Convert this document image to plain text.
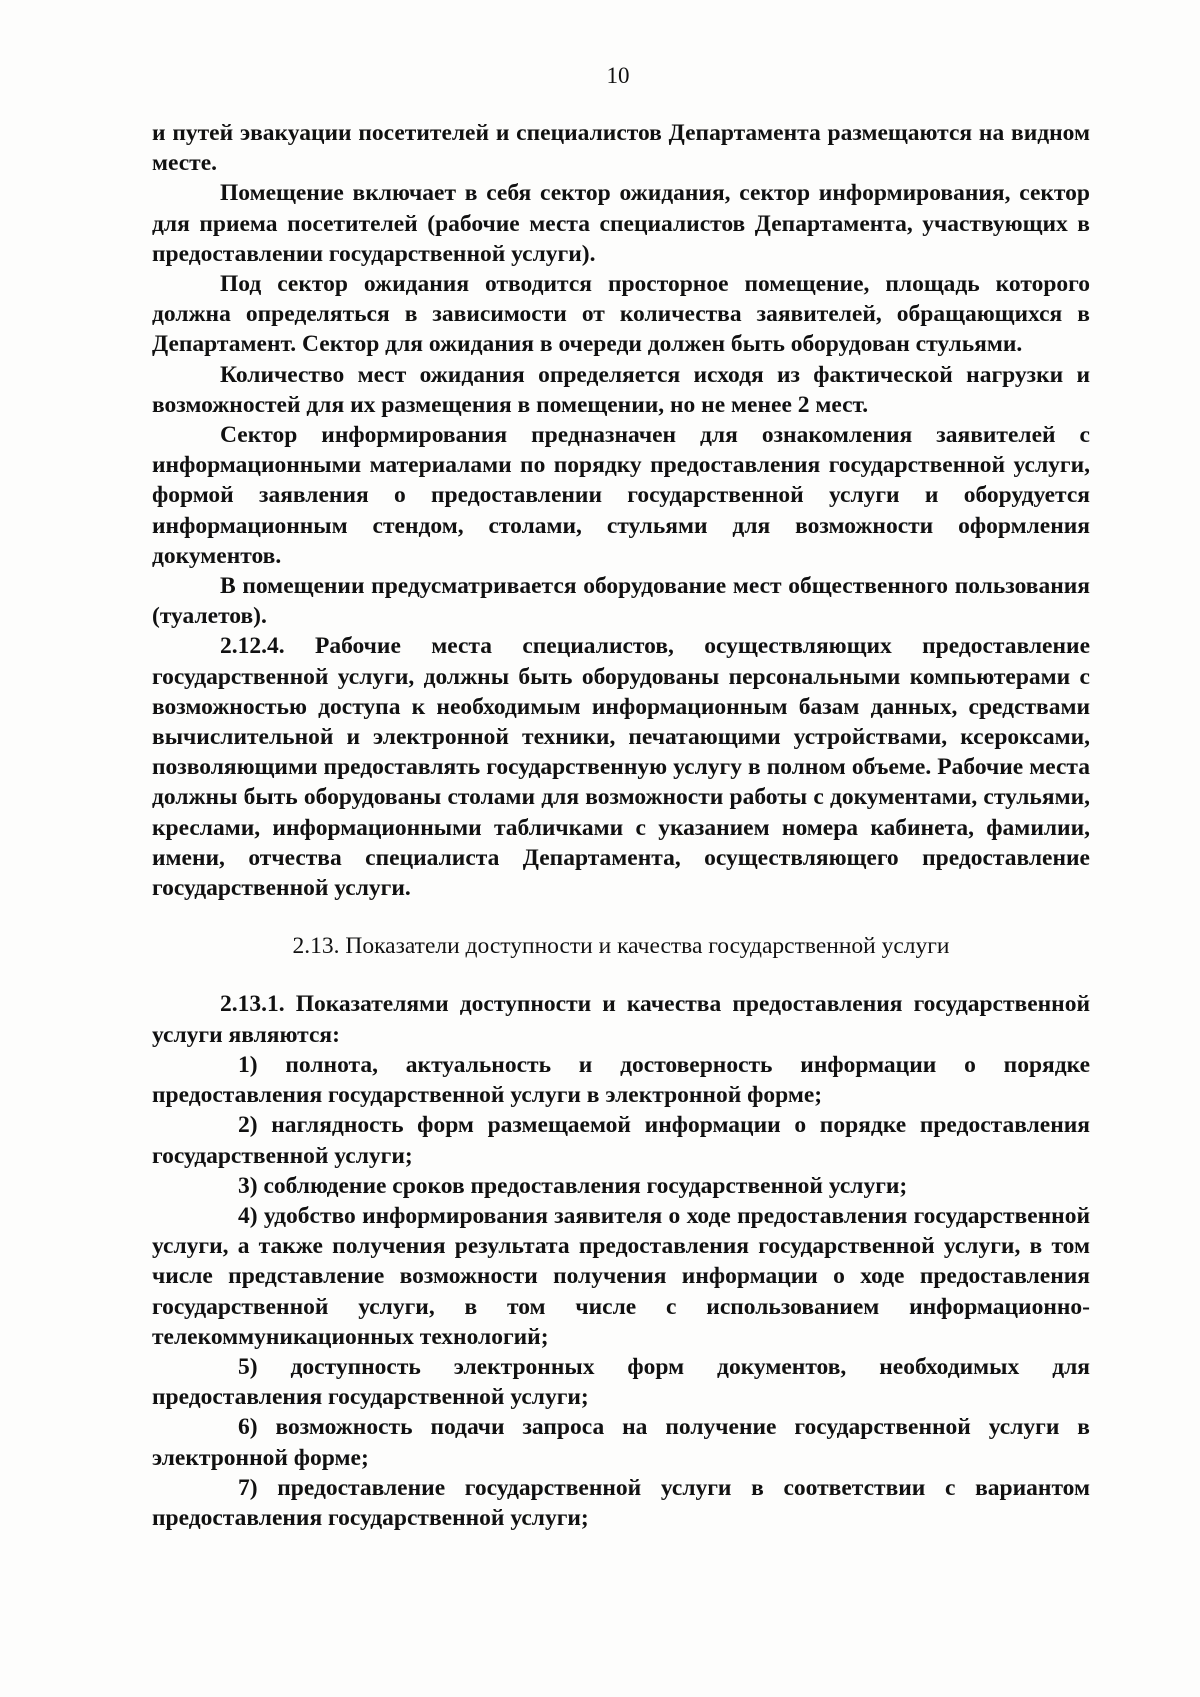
10

и путей эвакуации посетителей и специалистов Департамента размещаются на видном месте.

Помещение включает в себя сектор ожидания, сектор информирования, сектор для приема посетителей (рабочие места специалистов Департамента, участвующих в предоставлении государственной услуги).

Под сектор ожидания отводится просторное помещение, площадь которого должна определяться в зависимости от количества заявителей, обращающихся в Департамент. Сектор для ожидания в очереди должен быть оборудован стульями.

Количество мест ожидания определяется исходя из фактической нагрузки и возможностей для их размещения в помещении, но не менее 2 мест.

Сектор информирования предназначен для ознакомления заявителей с информационными материалами по порядку предоставления государственной услуги, формой заявления о предоставлении государственной услуги и оборудуется информационным стендом, столами, стульями для возможности оформления документов.

В помещении предусматривается оборудование мест общественного пользования (туалетов).

2.12.4. Рабочие места специалистов, осуществляющих предоставление государственной услуги, должны быть оборудованы персональными компьютерами с возможностью доступа к необходимым информационным базам данных, средствами вычислительной и электронной техники, печатающими устройствами, ксероксами, позволяющими предоставлять государственную услугу в полном объеме. Рабочие места должны быть оборудованы столами для возможности работы с документами, стульями, креслами, информационными табличками с указанием номера кабинета, фамилии, имени, отчества специалиста Департамента, осуществляющего предоставление государственной услуги.

2.13. Показатели доступности и качества государственной услуги

2.13.1. Показателями доступности и качества предоставления государственной услуги являются:

1) полнота, актуальность и достоверность информации о порядке предоставления государственной услуги в электронной форме;

2) наглядность форм размещаемой информации о порядке предоставления государственной услуги;

3) соблюдение сроков предоставления государственной услуги;

4) удобство информирования заявителя о ходе предоставления государственной услуги, а также получения результата предоставления государственной услуги, в том числе представление возможности получения информации о ходе предоставления государственной услуги, в том числе с использованием информационно-телекоммуникационных технологий;

5) доступность электронных форм документов, необходимых для предоставления государственной услуги;

6) возможность подачи запроса на получение государственной услуги в электронной форме;

7) предоставление государственной услуги в соответствии с вариантом предоставления государственной услуги;
